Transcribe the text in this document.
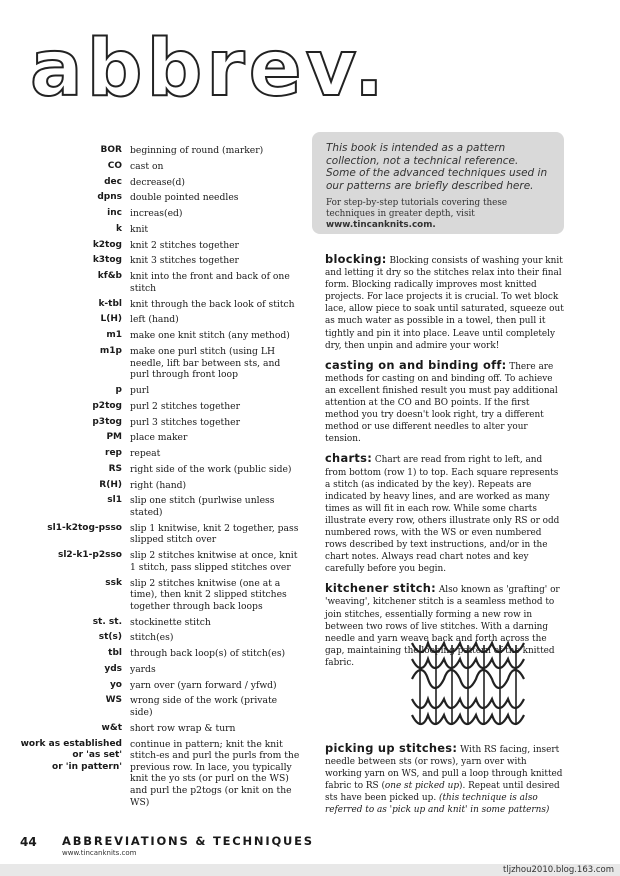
abbrev.
BOR beginning of round (marker)
CO cast on
dec decrease(d)
dpns double pointed needles
inc increas(ed)
k knit
k2tog knit 2 stitches together
k3tog knit 3 stitches together
kf&b knit into the front and back of one stitch
k-tbl knit through the back look of stitch
L(H) left (hand)
m1 make one knit stitch (any method)
m1p make one purl stitch (using LH needle, lift bar between sts, and purl through front loop
p purl
p2tog purl 2 stitches together
p3tog purl 3 stitches together
PM place maker
rep repeat
RS right side of the work (public side)
R(H) right (hand)
sl1 slip one stitch (purlwise unless stated)
sl1-k2tog-psso slip 1 knitwise, knit 2 together, pass slipped stitch over
sl2-k1-p2sso slip 2 stitches knitwise at once, knit 1 stitch, pass slipped stitches over
ssk slip 2 stitches knitwise (one at a time), then knit 2 slipped stitches together through back loops
st. st. stockinette stitch
st(s) stitch(es)
tbl through back loop(s) of stitch(es)
yds yards
yo yarn over (yarn forward / yfwd)
WS wrong side of the work (private side)
w&t short row wrap & turn
work as established
or 'as set'
or 'in pattern'
continue in pattern; knit the knit stitch-es and purl the purls from the previous row. In lace, you typically knit the yo sts (or purl on the WS) and purl the p2togs (or knit on the WS)

This book is intended as a pattern collection, not a technical reference. Some of the advanced techniques used in our patterns are briefly described here.

For step-by-step tutorials covering these techniques in greater depth, visit www.tincanknits.com.

blocking: Blocking consists of washing your knit and letting it dry so the stitches relax into their final form. Blocking radically improves most knitted projects. For lace projects it is crucial. To wet block lace, allow piece to soak until saturated, squeeze out as much water as possible in a towel, then pull it tightly and pin it into place. Leave until completely dry, then unpin and admire your work!
casting on and binding off: There are methods for casting on and binding off. To achieve an excellent finished result you must pay additional attention at the CO and BO points. If the first method you try doesn't look right, try a different method or use different needles to alter your tension.
charts: Chart are read from right to left, and from bottom (row 1) to top. Each square represents a stitch (as indicated by the key). Repeats are indicated by heavy lines, and are worked as many times as will fit in each row. While some charts illustrate every row, others illustrate only RS or odd numbered rows, with the WS or even numbered rows described by text instructions, and/or in the chart notes. Always read chart notes and key carefully before you begin.
kitchener stitch: Also known as 'grafting' or 'weaving', kitchener stitch is a seamless method to join stitches, essentially forming a new row in between two rows of live stitches. With a darning needle and yarn weave back and forth across the gap, maintaining the looping pattern of the knitted fabric.
picking up stitches: With RS facing, insert needle between sts (or rows), yarn over with working yarn on WS, and pull a loop through knitted fabric to RS (one st picked up). Repeat until desired sts have been picked up. (this technique is also referred to as 'pick up and knit' in some patterns)
44 ABBREVIATIONS & TECHNIQUES
www.tincanknits.com
tljzhou2010.blog.163.com
